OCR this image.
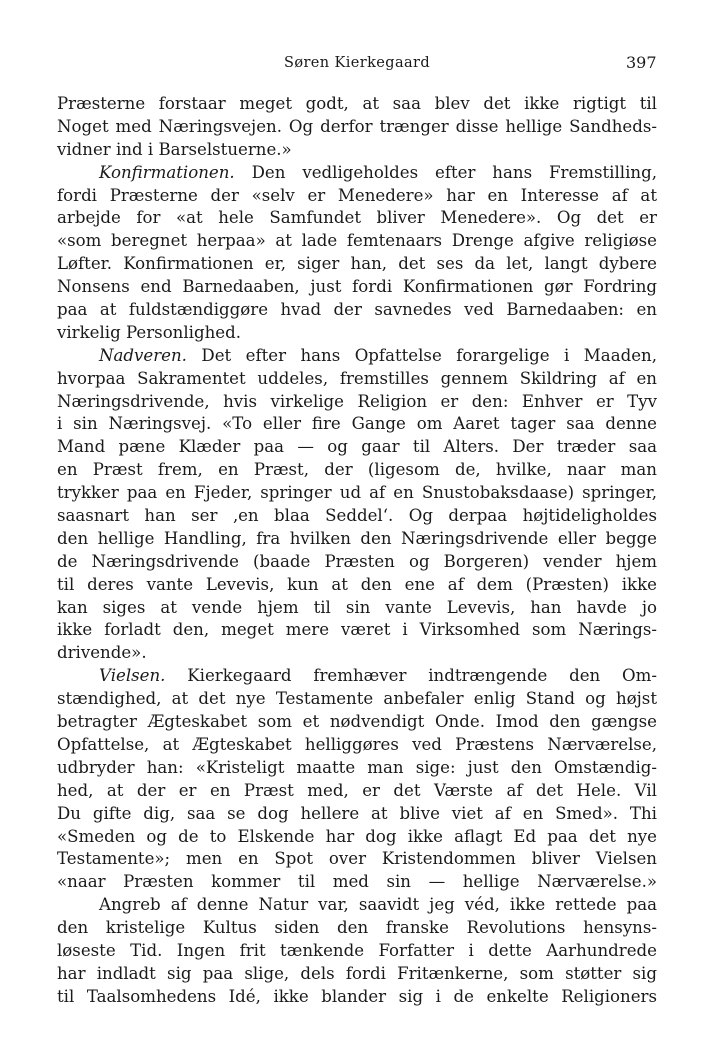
Søren Kierkegaard	397
Præsterne forstaar meget godt, at saa blev det ikke rigtigt til
Noget med Næringsvejen. Og derfor trænger disse hellige Sandheds-
vidner ind i Barselstuerne.»
Konfirmationen. Den vedligeholdes efter hans Fremstilling,
fordi Præsterne der «selv er Menedere» har en Interesse af at
arbejde for «at hele Samfundet bliver Menedere». Og det er
«som beregnet herpaa» at lade femtenaars Drenge afgive religiøse
Løfter. Konfirmationen er, siger han, det ses da let, langt dybere
Nonsens end Barnedaaben, just fordi Konfirmationen gør Fordring
paa at fuldstændiggøre hvad der savnedes ved Barnedaaben: en
virkelig Personlighed.
Nadveren. Det efter hans Opfattelse forargelige i Maaden,
hvorpaa Sakramentet uddeles, fremstilles gennem Skildring af en
Næringsdrivende, hvis virkelige Religion er den: Enhver er Tyv
i sin Næringsvej. «To eller fire Gange om Aaret tager saa denne
Mand pæne Klæder paa — og gaar til Alters. Der træder saa
en Præst frem, en Præst, der (ligesom de, hvilke, naar man
trykker paa en Fjeder, springer ud af en Snustobaksdaase) springer,
saasnart han ser ‚en blaa Seddel‘. Og derpaa højtideligholdes
den hellige Handling, fra hvilken den Næringsdrivende eller begge
de Næringsdrivende (baade Præsten og Borgeren) vender hjem
til deres vante Levevis, kun at den ene af dem (Præsten) ikke
kan siges at vende hjem til sin vante Levevis, han havde jo
ikke forladt den, meget mere været i Virksomhed som Nærings-
drivende».
Vielsen. Kierkegaard fremhæver indtrængende den Om-
stændighed, at det nye Testamente anbefaler enlig Stand og højst
betragter Ægteskabet som et nødvendigt Onde. Imod den gængse
Opfattelse, at Ægteskabet helliggøres ved Præstens Nærværelse,
udbryder han: «Kristeligt maatte man sige: just den Omstændig-
hed, at der er en Præst med, er det Værste af det Hele. Vil
Du gifte dig, saa se dog hellere at blive viet af en Smed». Thi
«Smeden og de to Elskende har dog ikke aflagt Ed paa det nye
Testamente»; men en Spot over Kristendommen bliver Vielsen
«naar Præsten kommer til med sin — hellige Nærværelse.»
Angreb af denne Natur var, saavidt jeg véd, ikke rettede paa
den kristelige Kultus siden den franske Revolutions hensyns-
løseste Tid. Ingen frit tænkende Forfatter i dette Aarhundrede
har indladt sig paa slige, dels fordi Fritænkerne, som støtter sig
til Taalsomhedens Idé, ikke blander sig i de enkelte Religioners
